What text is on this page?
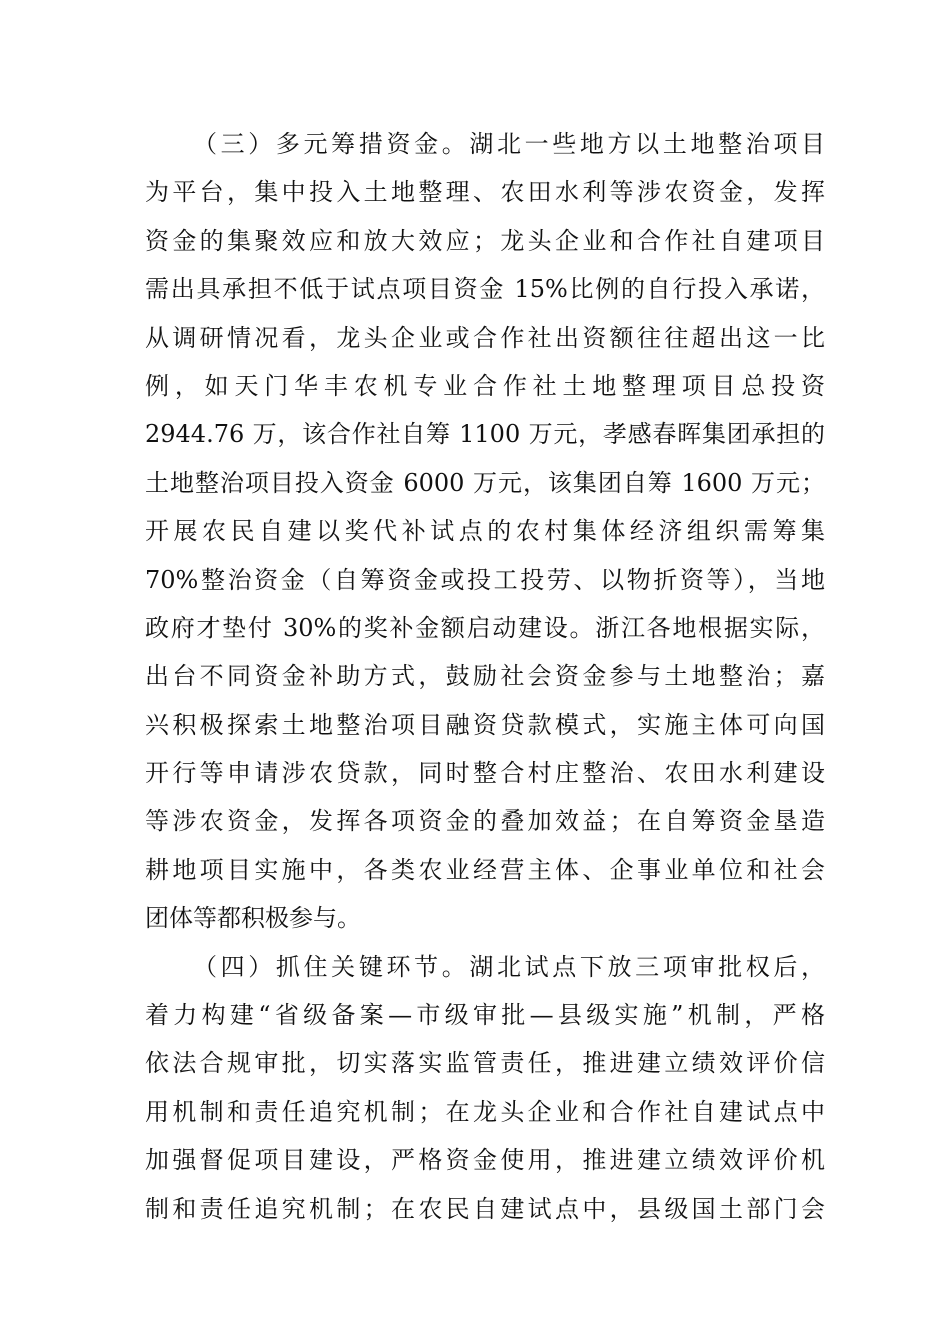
（三）多元筹措资金。湖北一些地方以土地整治项目
为平台，集中投入土地整理、农田水利等涉农资金，发挥
资金的集聚效应和放大效应；龙头企业和合作社自建项目
需出具承担不低于试点项目资金 15%比例的自行投入承诺，
从调研情况看，龙头企业或合作社出资额往往超出这一比
例，如天门华丰农机专业合作社土地整理项目总投资
2944.76 万，该合作社自筹 1100 万元，孝感春晖集团承担的
土地整治项目投入资金 6000 万元，该集团自筹 1600 万元；
开展农民自建以奖代补试点的农村集体经济组织需筹集
70%整治资金（自筹资金或投工投劳、以物折资等），当地
政府才垫付 30%的奖补金额启动建设。浙江各地根据实际，
出台不同资金补助方式，鼓励社会资金参与土地整治；嘉
兴积极探索土地整治项目融资贷款模式，实施主体可向国
开行等申请涉农贷款，同时整合村庄整治、农田水利建设
等涉农资金，发挥各项资金的叠加效益；在自筹资金垦造
耕地项目实施中，各类农业经营主体、企事业单位和社会
团体等都积极参与。
（四）抓住关键环节。湖北试点下放三项审批权后，
着力构建“省级备案—市级审批—县级实施”机制，严格
依法合规审批，切实落实监管责任，推进建立绩效评价信
用机制和责任追究机制；在龙头企业和合作社自建试点中
加强督促项目建设，严格资金使用，推进建立绩效评价机
制和责任追究机制；在农民自建试点中，县级国土部门会
